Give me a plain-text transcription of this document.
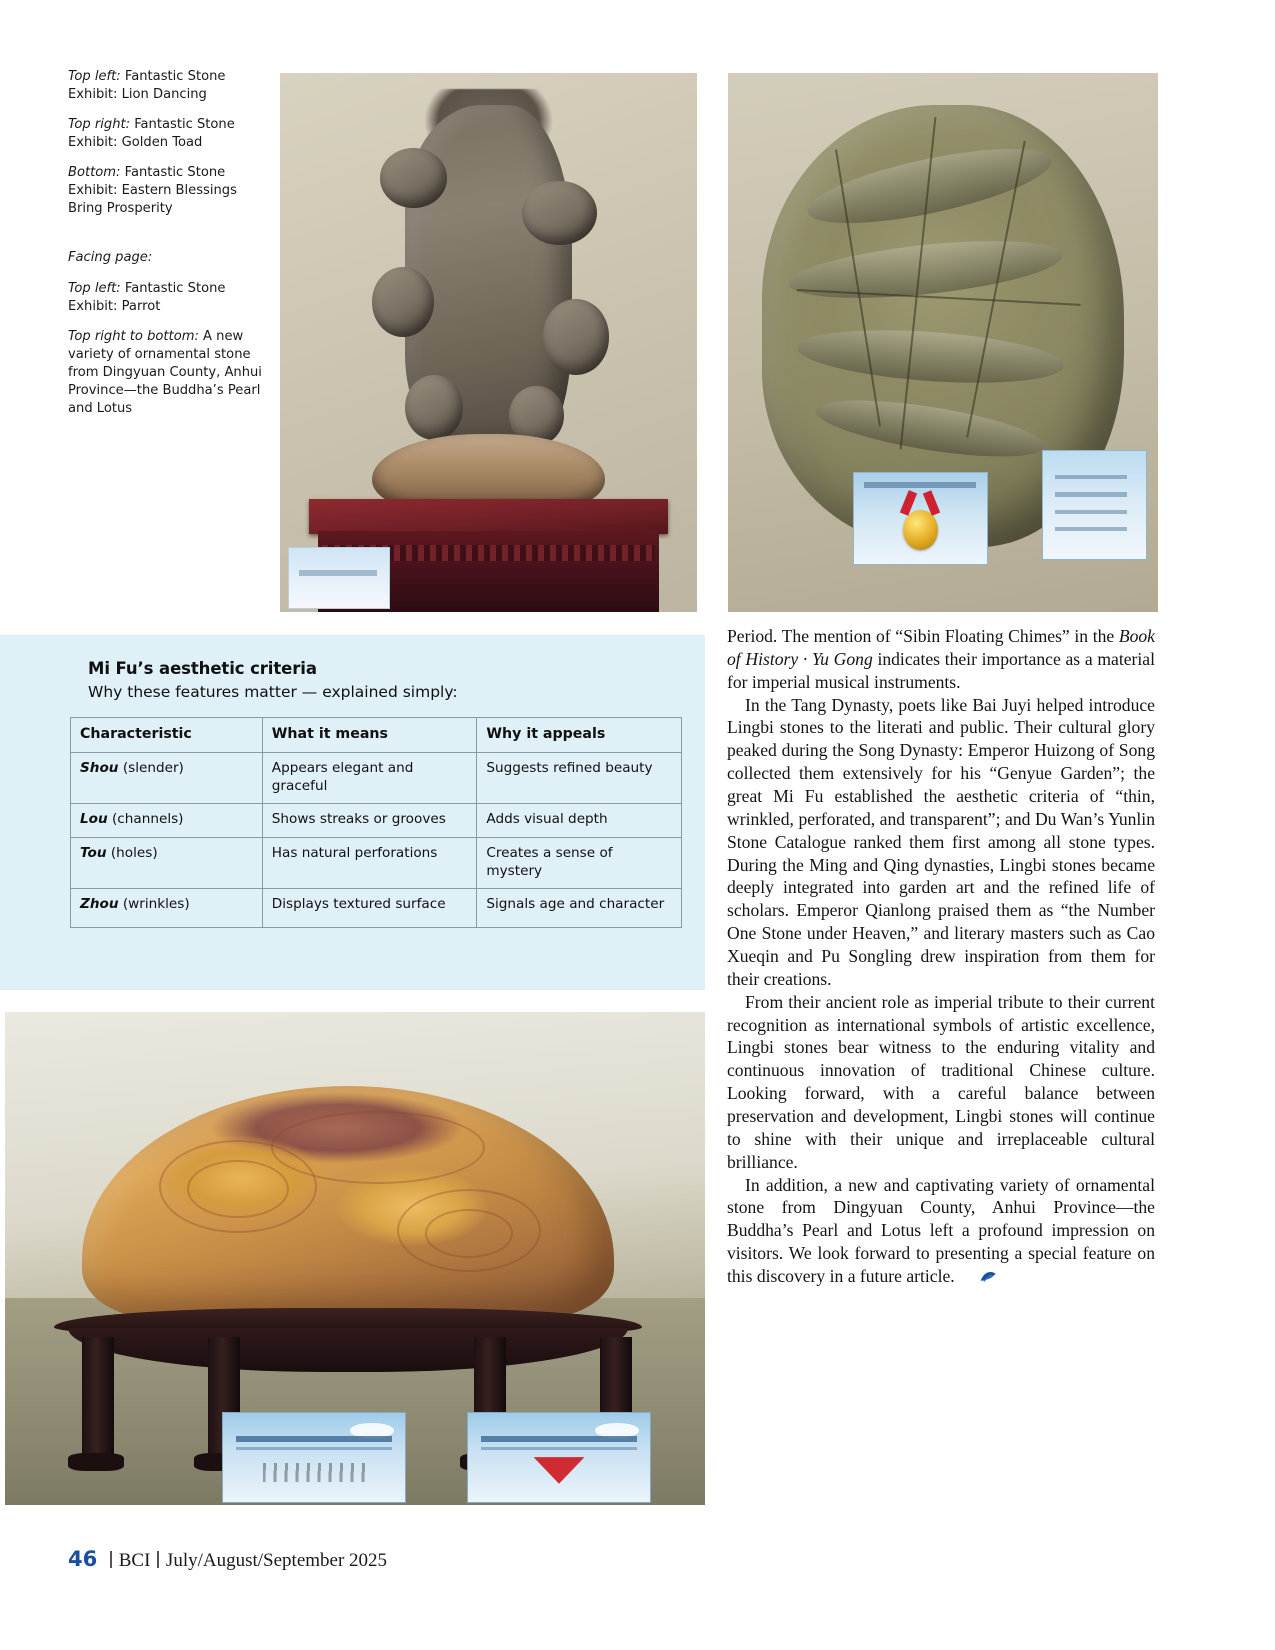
Top left: Fantastic Stone Exhibit: Lion Dancing

Top right: Fantastic Stone Exhibit: Golden Toad

Bottom: Fantastic Stone Exhibit: Eastern Blessings Bring Prosperity

Facing page:

Top left: Fantastic Stone Exhibit: Parrot

Top right to bottom: A new variety of ornamental stone from Dingyuan County, Anhui Province—the Buddha’s Pearl and Lotus

Mi Fu’s aesthetic criteria
Why these features matter — explained simply:
Characteristic	What it means	Why it appeals
Shou (slender)	Appears elegant and graceful	Suggests refined beauty
Lou (channels)	Shows streaks or grooves	Adds visual depth
Tou (holes)	Has natural perforations	Creates a sense of mystery
Zhou (wrinkles)	Displays textured surface	Signals age and character

Period. The mention of “Sibin Floating Chimes” in the Book of History · Yu Gong indicates their importance as a material for imperial musical instruments.

In the Tang Dynasty, poets like Bai Juyi helped introduce Lingbi stones to the literati and public. Their cultural glory peaked during the Song Dynasty: Emperor Huizong of Song collected them extensively for his “Genyue Garden”; the great Mi Fu established the aesthetic criteria of “thin, wrinkled, perforated, and transparent”; and Du Wan’s Yunlin Stone Catalogue ranked them first among all stone types. During the Ming and Qing dynasties, Lingbi stones became deeply integrated into garden art and the refined life of scholars. Emperor Qianlong praised them as “the Number One Stone under Heaven,” and literary masters such as Cao Xueqin and Pu Songling drew inspiration from them for their creations.

From their ancient role as imperial tribute to their current recognition as international symbols of artistic excellence, Lingbi stones bear witness to the enduring vitality and continuous innovation of traditional Chinese culture. Looking forward, with a careful balance between preservation and development, Lingbi stones will continue to shine with their unique and irreplaceable cultural brilliance.

In addition, a new and captivating variety of ornamental stone from Dingyuan County, Anhui Province—the Buddha’s Pearl and Lotus left a profound impression on visitors. We look forward to presenting a special feature on this discovery in a future article.

46 BCI July/August/September 2025
